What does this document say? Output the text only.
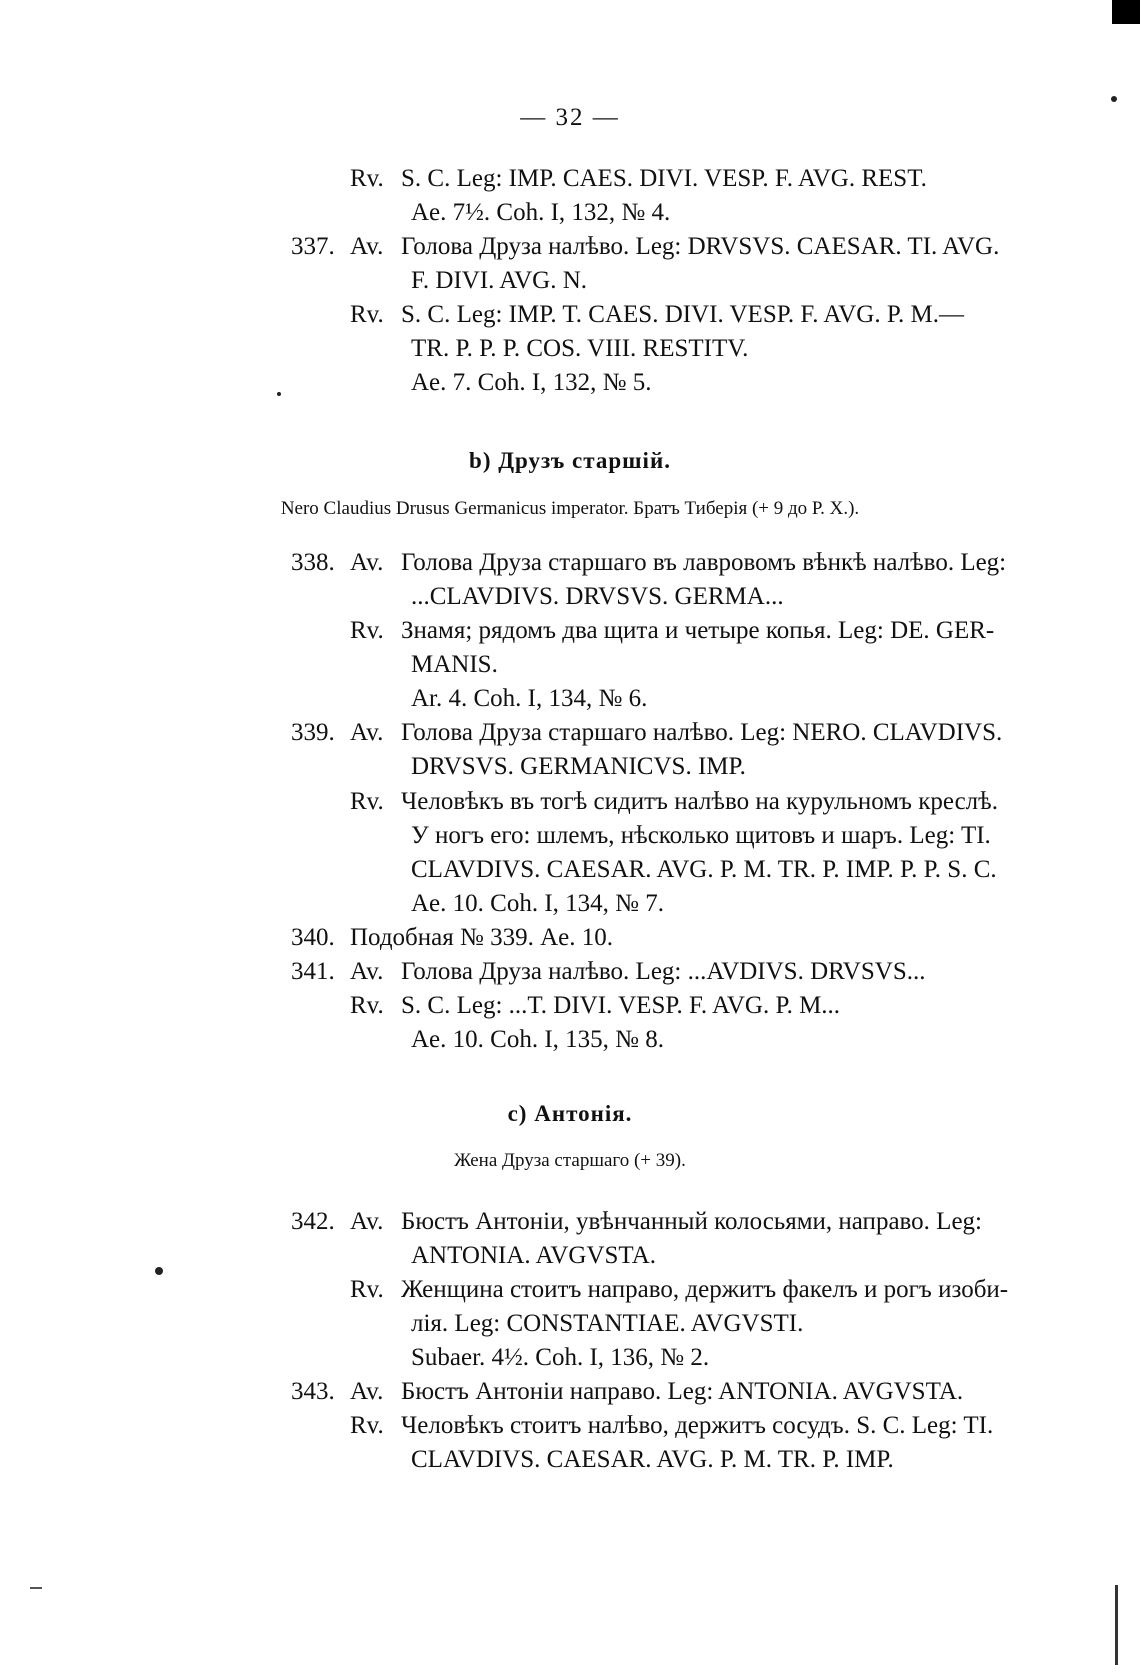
— 32 —
Rv. S. C. Leg: IMP. CAES. DIVI. VESP. F. AVG. REST.
Ae. 7½. Coh. I, 132, № 4.
337. Av. Голова Друза налѣво. Leg: DRVSVS. CAESAR. TI. AVG.
F. DIVI. AVG. N.
Rv. S. C. Leg: IMP. T. CAES. DIVI. VESP. F. AVG. P. M.—
TR. P. P. P. COS. VIII. RESTITV.
Ae. 7. Coh. I, 132, № 5.
b) Друзъ старшій.
Nero Claudius Drusus Germanicus imperator. Братъ Тиберія (+ 9 до Р. Х.).
338. Av. Голова Друза старшаго въ лавровомъ вѣнкѣ налѣво. Leg:
...CLAVDIVS. DRVSVS. GERMA...
Rv. Знамя; рядомъ два щита и четыре копья. Leg: DE. GER-
MANIS.
Ar. 4. Coh. I, 134, № 6.
339. Av. Голова Друза старшаго налѣво. Leg: NERO. CLAVDIVS.
DRVSVS. GERMANICVS. IMP.
Rv. Человѣкъ въ тогѣ сидитъ налѣво на курульномъ креслѣ.
У ногъ его: шлемъ, нѣсколько щитовъ и шаръ. Leg: TI.
CLAVDIVS. CAESAR. AVG. P. M. TR. P. IMP. P. P. S. C.
Ae. 10. Coh. I, 134, № 7.
340. Подобная № 339. Ae. 10.
341. Av. Голова Друза налѣво. Leg: ...AVDIVS. DRVSVS...
Rv. S. C. Leg: ...T. DIVI. VESP. F. AVG. P. M...
Ae. 10. Coh. I, 135, № 8.
c) Антонія.
Жена Друза старшаго (+ 39).
342. Av. Бюстъ Антоніи, увѣнчанный колосьями, направо. Leg:
ANTONIA. AVGVSTA.
Rv. Женщина стоитъ направо, держитъ факелъ и рогъ изоби-
лія. Leg: CONSTANTIAE. AVGVSTI.
Subaer. 4½. Coh. I, 136, № 2.
343. Av. Бюстъ Антоніи направо. Leg: ANTONIA. AVGVSTA.
Rv. Человѣкъ стоитъ налѣво, держитъ сосудъ. S. C. Leg: TI.
CLAVDIVS. CAESAR. AVG. P. M. TR. P. IMP.
